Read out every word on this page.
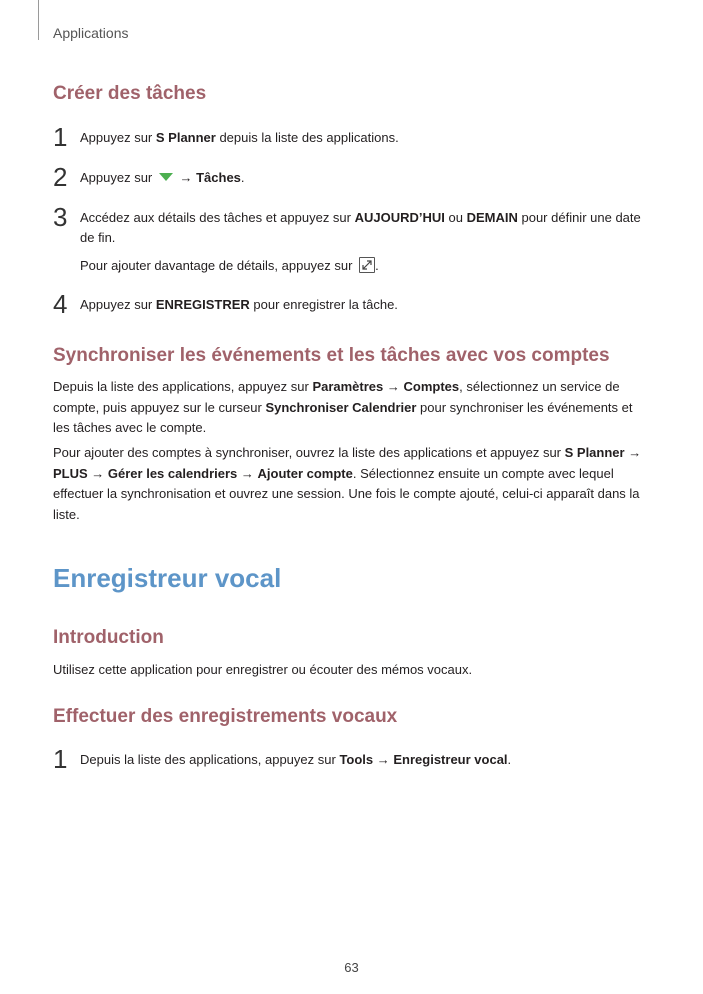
Applications
Créer des tâches
1 Appuyez sur S Planner depuis la liste des applications.
2 Appuyez sur  → Tâches.
3 Accédez aux détails des tâches et appuyez sur AUJOURD’HUI ou DEMAIN pour définir une date de fin.
Pour ajouter davantage de détails, appuyez sur
.
4 Appuyez sur ENREGISTRER pour enregistrer la tâche.
Synchroniser les événements et les tâches avec vos comptes
Depuis la liste des applications, appuyez sur Paramètres → Comptes, sélectionnez un service de compte, puis appuyez sur le curseur Synchroniser Calendrier pour synchroniser les événements et les tâches avec le compte.
Pour ajouter des comptes à synchroniser, ouvrez la liste des applications et appuyez sur S Planner → PLUS → Gérer les calendriers → Ajouter compte. Sélectionnez ensuite un compte avec lequel effectuer la synchronisation et ouvrez une session. Une fois le compte ajouté, celui-ci apparaît dans la liste.
Enregistreur vocal
Introduction
Utilisez cette application pour enregistrer ou écouter des mémos vocaux.
Effectuer des enregistrements vocaux
1 Depuis la liste des applications, appuyez sur Tools → Enregistreur vocal.
63
